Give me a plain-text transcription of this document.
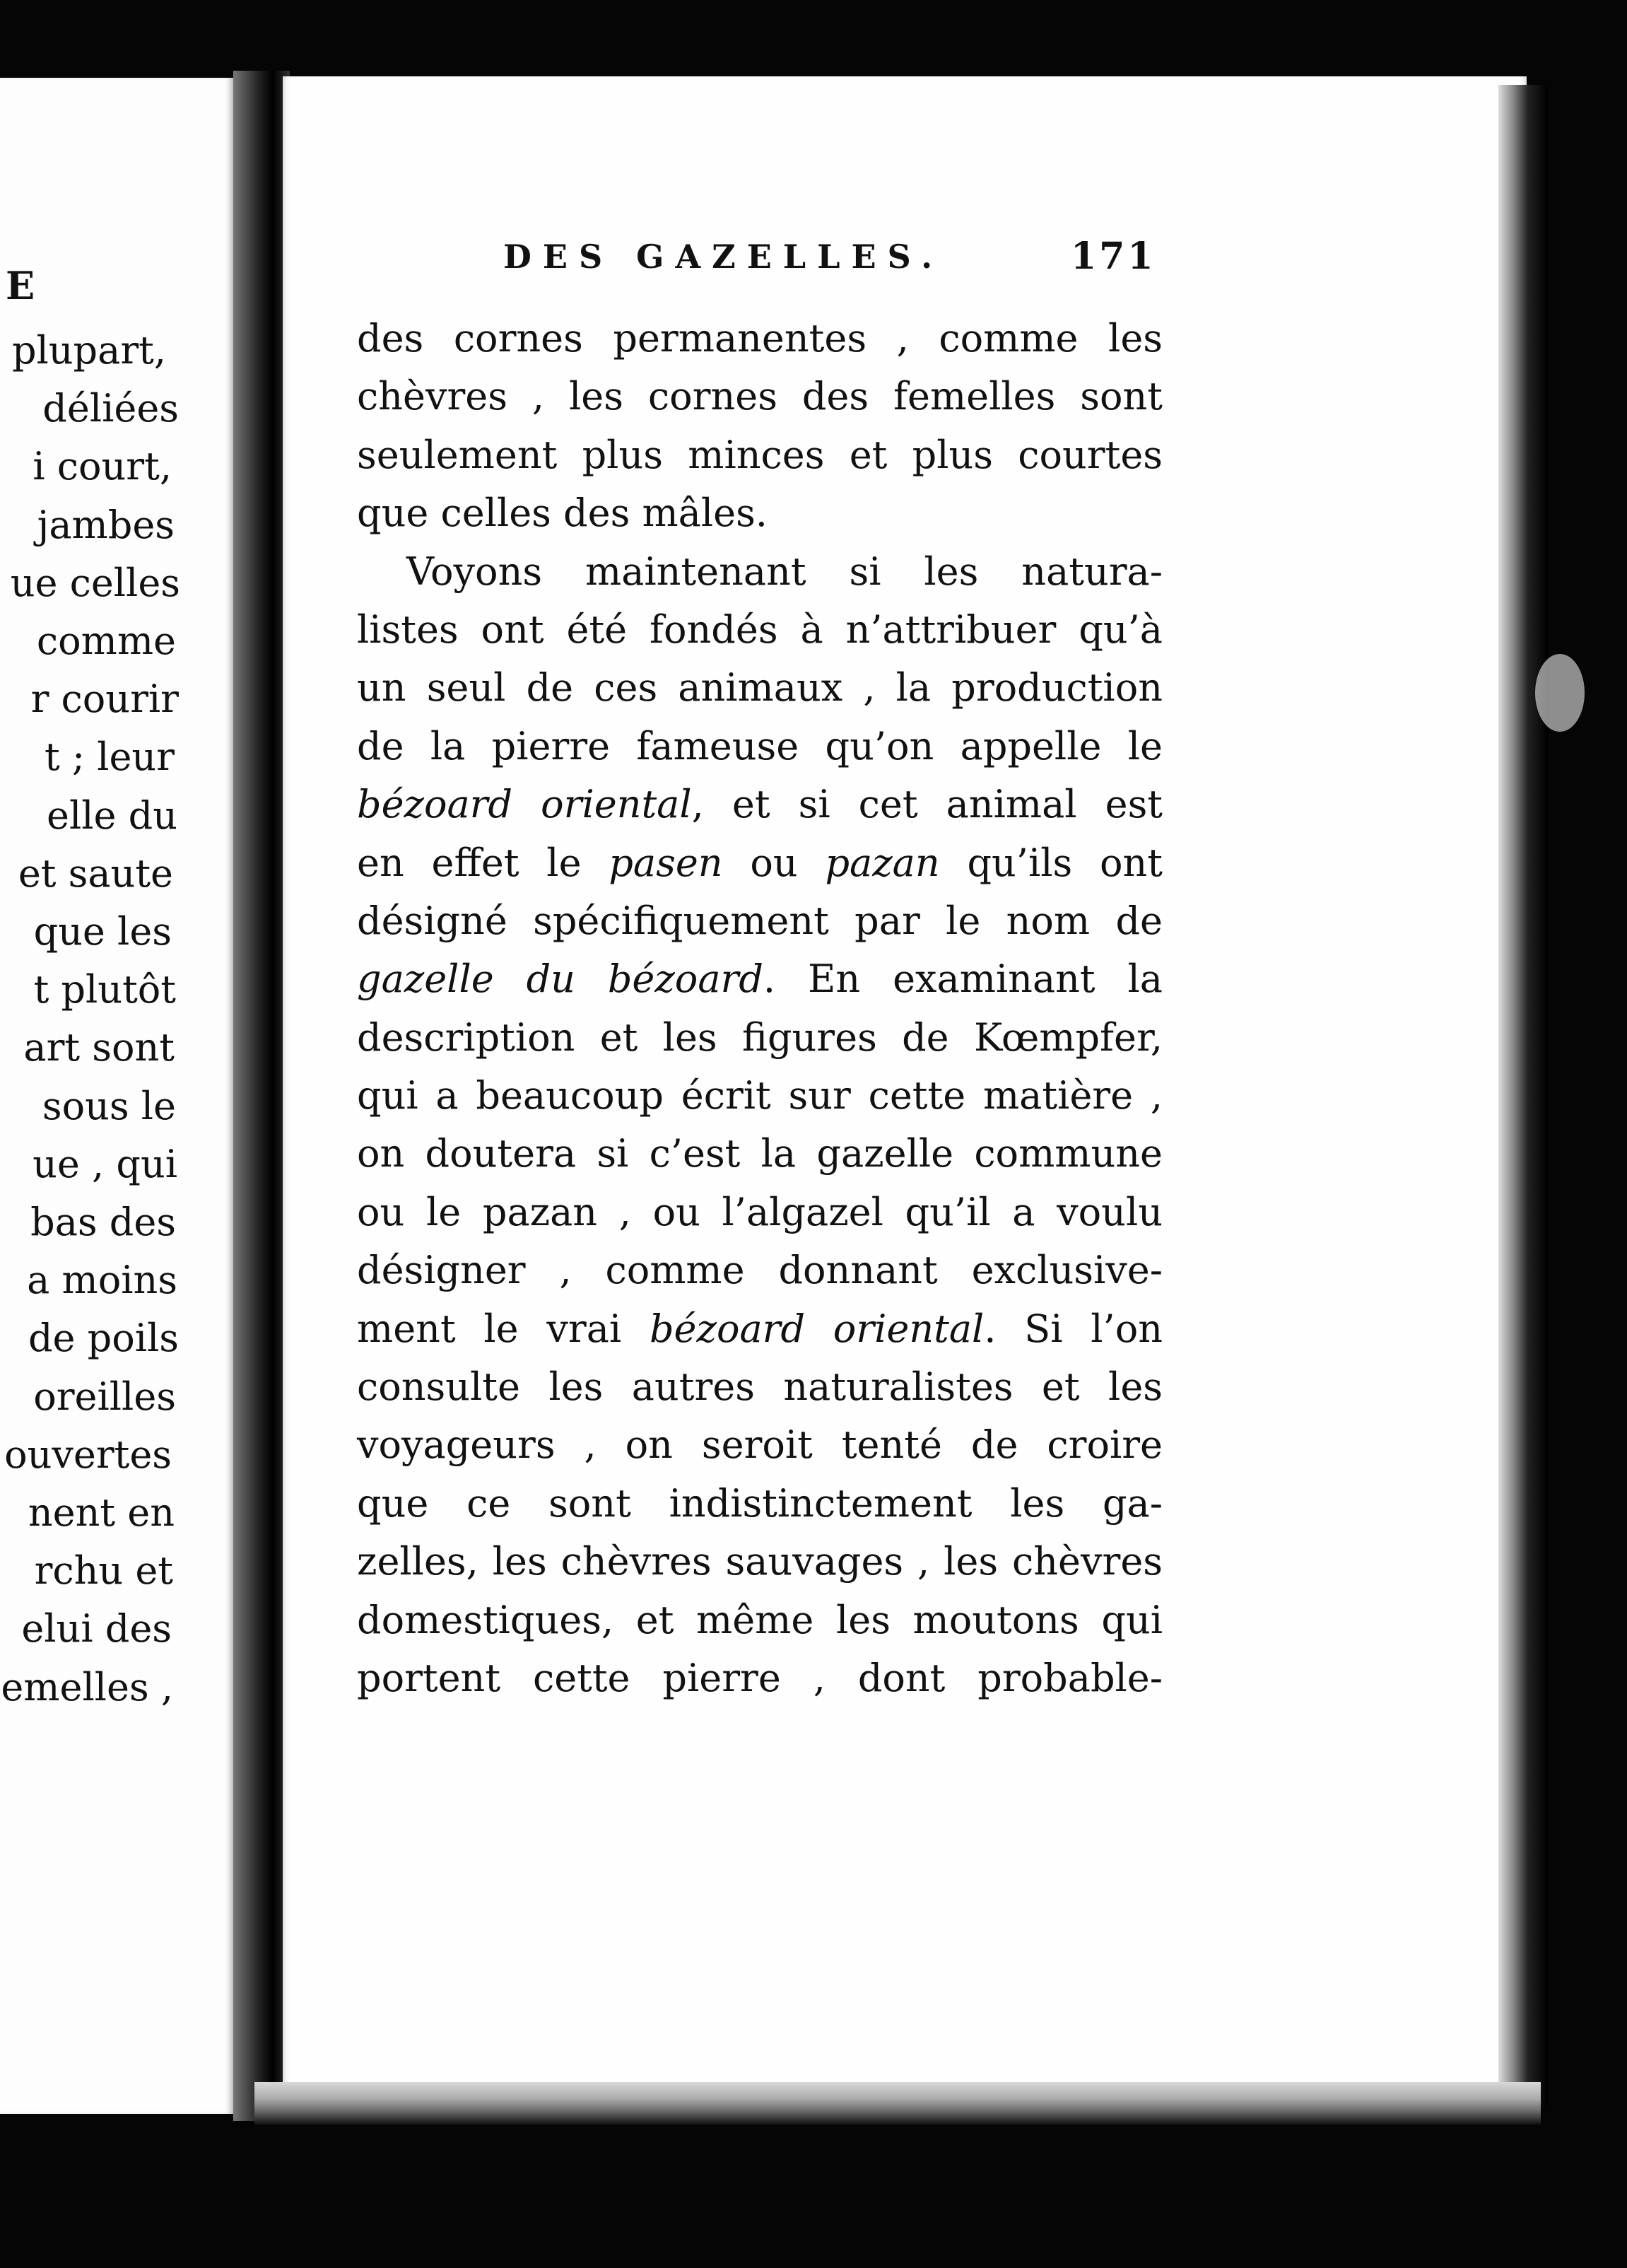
E
plupart,
déliées
i court,
jambes
ue celles
comme
r courir
t ; leur
elle du
et saute
que les
t plutôt
art sont
sous le
ue , qui
bas des
a moins
de poils
oreilles
ouvertes
nent en
rchu et
elui des
emelles ,
DES GAZELLES.	171
des cornes permanentes , comme les
chèvres , les cornes des femelles sont
seulement plus minces et plus courtes
que celles des mâles.
Voyons maintenant si les natura-
listes ont été fondés à n’attribuer qu’à
un seul de ces animaux , la production
de la pierre fameuse qu’on appelle le
bézoard oriental, et si cet animal est
en effet le pasen ou pazan qu’ils ont
désigné spécifiquement par le nom de
gazelle du bézoard. En examinant la
description et les figures de Kœmpfer,
qui a beaucoup écrit sur cette matière ,
on doutera si c’est la gazelle commune
ou le pazan , ou l’algazel qu’il a voulu
désigner , comme donnant exclusive-
ment le vrai bézoard oriental. Si l’on
consulte les autres naturalistes et les
voyageurs , on seroit tenté de croire
que ce sont indistinctement les ga-
zelles, les chèvres sauvages , les chèvres
domestiques, et même les moutons qui
portent cette pierre , dont probable-
